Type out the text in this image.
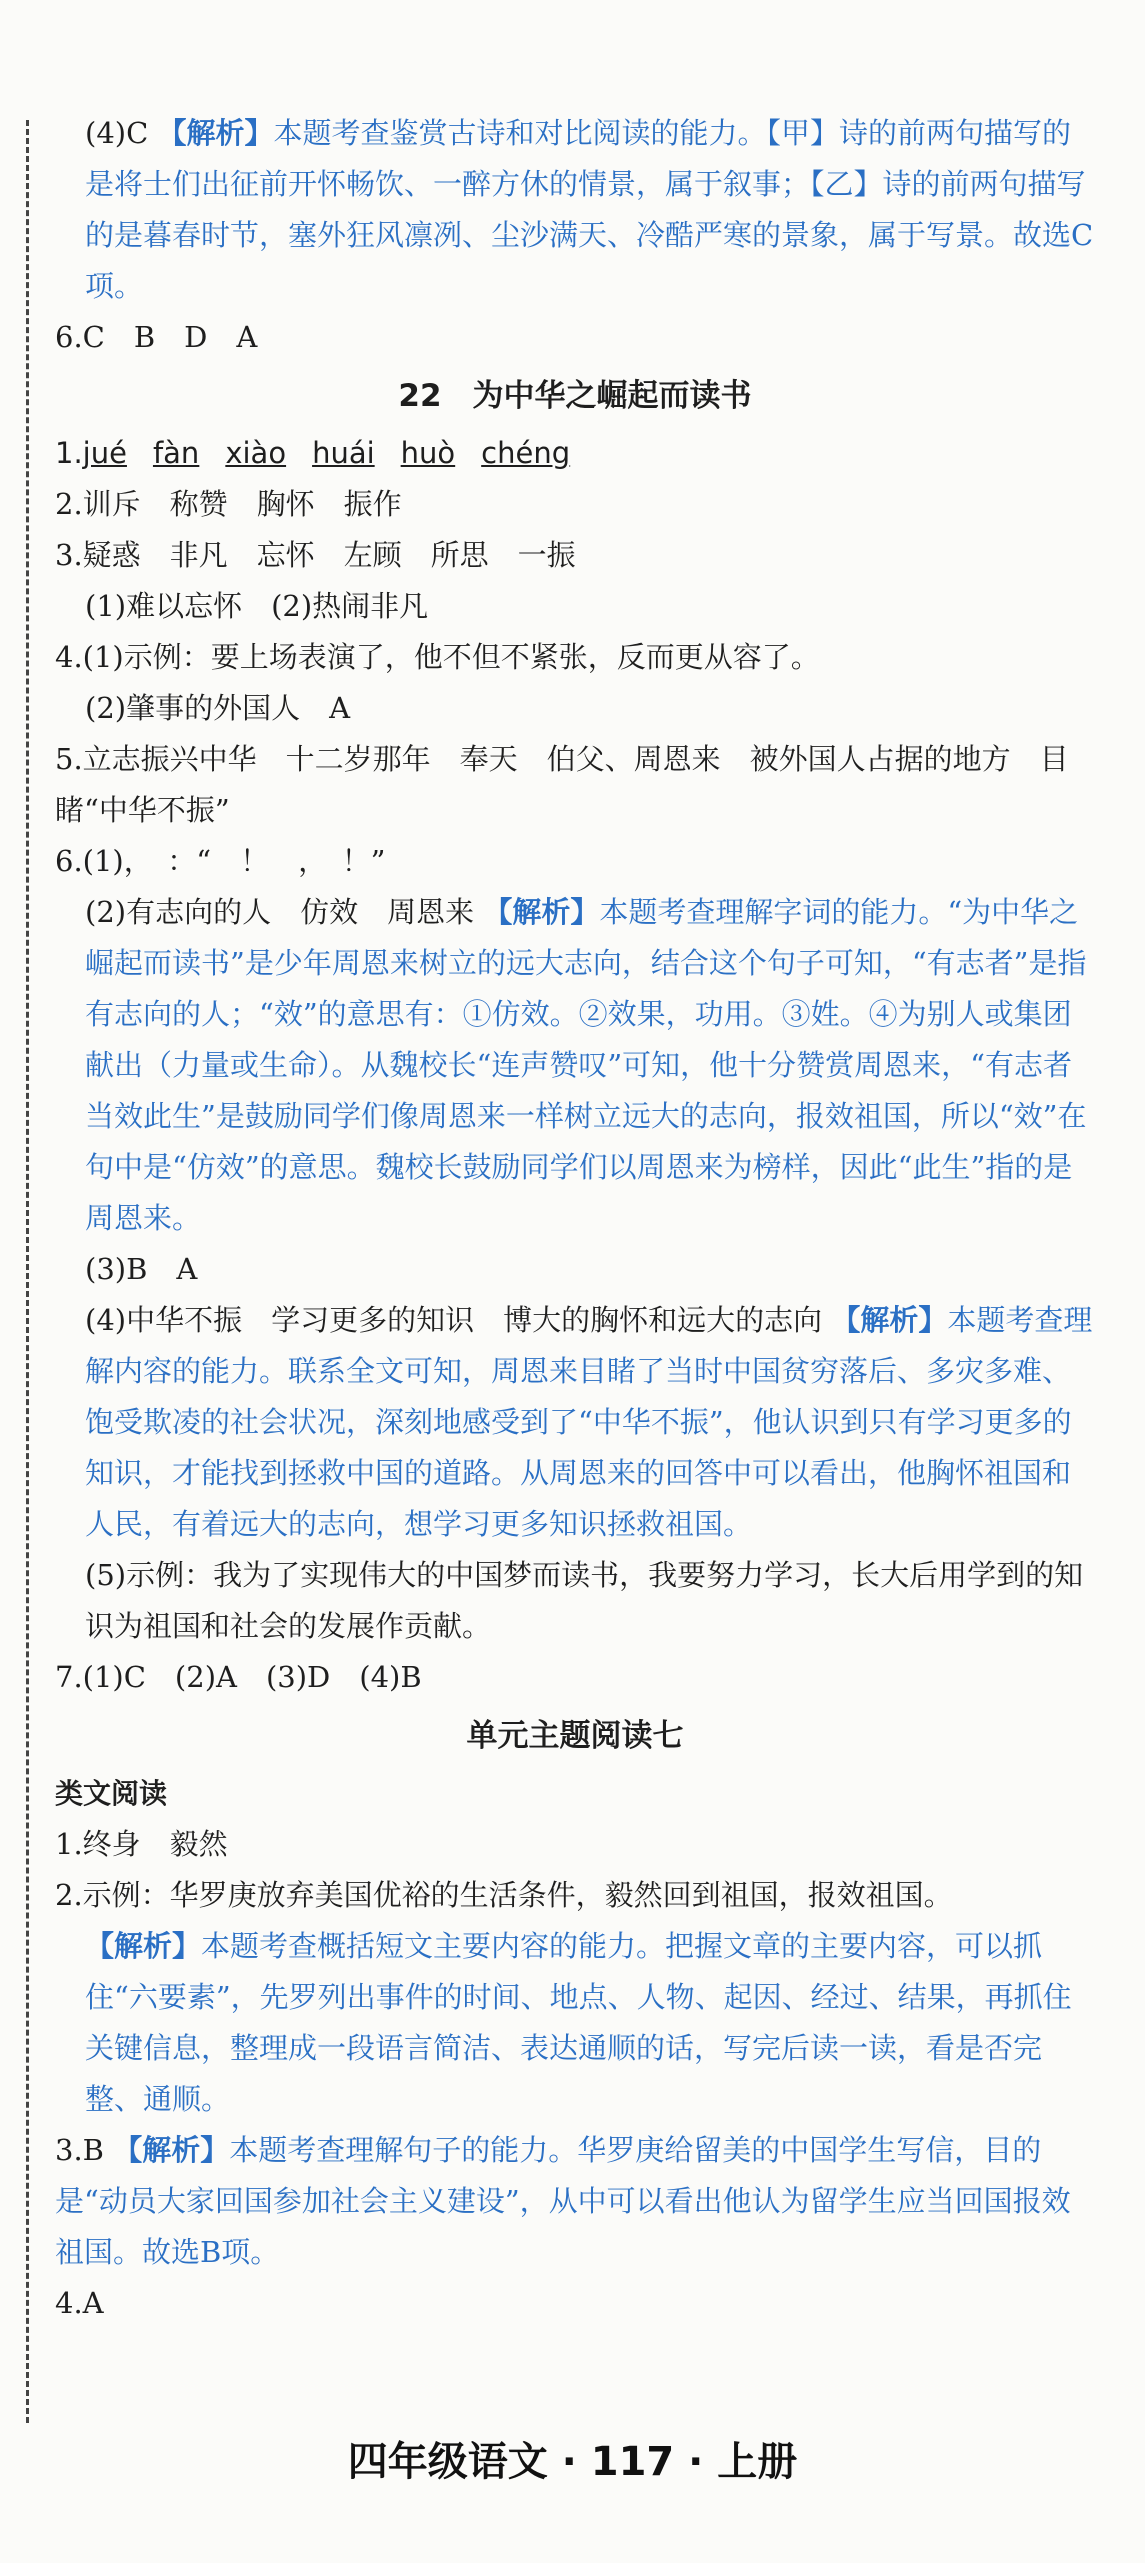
(4)C 【解析】本题考查鉴赏古诗和对比阅读的能力。【甲】诗的前两句描写的是将士们出征前开怀畅饮、一醉方休的情景，属于叙事；【乙】诗的前两句描写的是暮春时节，塞外狂风凛冽、尘沙满天、冷酷严寒的景象，属于写景。故选C项。

6.C　B　D　A

22　为中华之崛起而读书

1.jué fàn xiào huái huò chéng

2.训斥　称赞　胸怀　振作

3.疑惑　非凡　忘怀　左顾　所思　一振

(1)难以忘怀　(2)热闹非凡

4.(1)示例：要上场表演了，他不但不紧张，反而更从容了。

(2)肇事的外国人　A

5.立志振兴中华　十二岁那年　奉天　伯父、周恩来　被外国人占据的地方　目睹“中华不振”

6.(1)，　：“　！　，　！”

(2)有志向的人　仿效　周恩来 【解析】本题考查理解字词的能力。“为中华之崛起而读书”是少年周恩来树立的远大志向，结合这个句子可知，“有志者”是指有志向的人；“效”的意思有：①仿效。②效果，功用。③姓。④为别人或集团献出（力量或生命）。从魏校长“连声赞叹”可知，他十分赞赏周恩来，“有志者当效此生”是鼓励同学们像周恩来一样树立远大的志向，报效祖国，所以“效”在句中是“仿效”的意思。魏校长鼓励同学们以周恩来为榜样，因此“此生”指的是周恩来。

(3)B　A

(4)中华不振　学习更多的知识　博大的胸怀和远大的志向 【解析】本题考查理解内容的能力。联系全文可知，周恩来目睹了当时中国贫穷落后、多灾多难、饱受欺凌的社会状况，深刻地感受到了“中华不振”，他认识到只有学习更多的知识，才能找到拯救中国的道路。从周恩来的回答中可以看出，他胸怀祖国和人民，有着远大的志向，想学习更多知识拯救祖国。

(5)示例：我为了实现伟大的中国梦而读书，我要努力学习，长大后用学到的知识为祖国和社会的发展作贡献。

7.(1)C　(2)A　(3)D　(4)B

单元主题阅读七

类文阅读

1.终身　毅然

2.示例：华罗庚放弃美国优裕的生活条件，毅然回到祖国，报效祖国。

【解析】本题考查概括短文主要内容的能力。把握文章的主要内容，可以抓住“六要素”，先罗列出事件的时间、地点、人物、起因、经过、结果，再抓住关键信息，整理成一段语言简洁、表达通顺的话，写完后读一读，看是否完整、通顺。

3.B 【解析】本题考查理解句子的能力。华罗庚给留美的中国学生写信，目的是“动员大家回国参加社会主义建设”，从中可以看出他认为留学生应当回国报效祖国。故选B项。

4.A

四年级语文 · 117 · 上册
